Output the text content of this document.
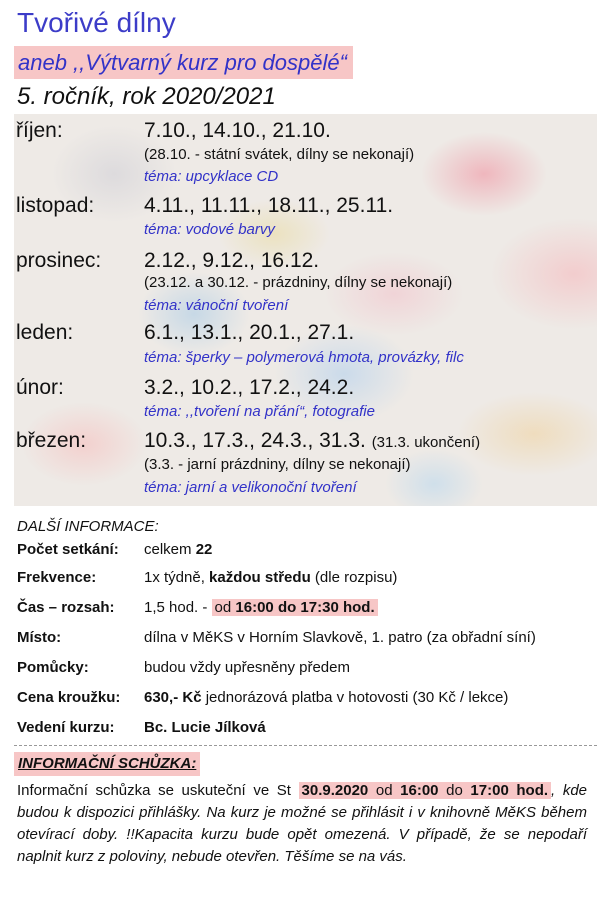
Tvořivé dílny
aneb ,,Výtvarný kurz pro dospělé“
5. ročník, rok 2020/2021
říjen:	7.10., 14.10., 21.10.
(28.10. - státní svátek, dílny se nekonají)
téma: upcyklace CD
listopad: 4.11., 11.11., 18.11., 25.11.
téma: vodové barvy
prosinec: 2.12., 9.12., 16.12.
(23.12. a 30.12. - prázdniny, dílny se nekonají)
téma: vánoční tvoření
leden:	6.1., 13.1., 20.1., 27.1.
téma: šperky – polymerová hmota, provázky, filc
únor:	3.2., 10.2., 17.2., 24.2.
téma: ,,tvoření na přání“, fotografie
březen:	10.3., 17.3., 24.3., 31.3. (31.3. ukončení)
(3.3. - jarní prázdniny, dílny se nekonají)
téma: jarní a velikonoční tvoření
DALŠÍ INFORMACE:
Počet setkání: celkem 22
Frekvence:	1x týdně, každou středu (dle rozpisu)
Čas – rozsah: 1,5 hod. - od 16:00 do 17:30 hod.
Místo:	dílna v MěKS v Horním Slavkově, 1. patro (za obřadní síní)
Pomůcky:	budou vždy upřesněny předem
Cena kroužku: 630,- Kč jednorázová platba v hotovosti (30 Kč / lekce)
Vedení kurzu: Bc. Lucie Jílková
INFORMAČNÍ SCHŮZKA:
Informační schůzka se uskuteční ve St 30.9.2020 od 16:00 do 17:00 hod. , kde budou k dispozici přihlášky. Na kurz je možné se přihlásit i v knihovně MěKS během otevírací doby. !!Kapacita kurzu bude opět omezená. V případě, že se nepodaří naplnit kurz z poloviny, nebude otevřen. Těšíme se na vás.
